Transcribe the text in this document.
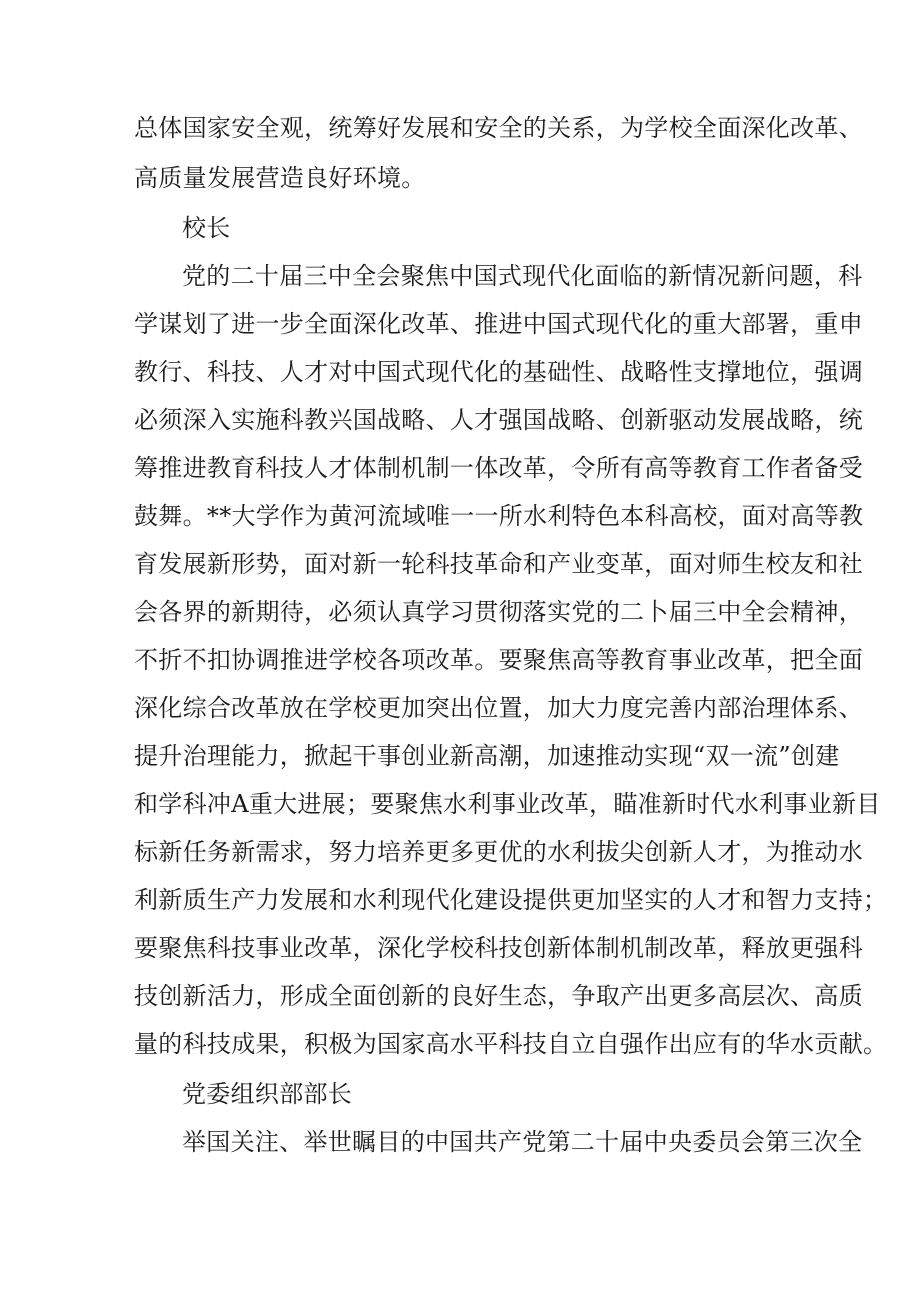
总体国家安全观，统筹好发展和安全的关系，为学校全面深化改革、
高质量发展营造良好环境。
校长
党的二十届三中全会聚焦中国式现代化面临的新情况新问题，科
学谋划了进一步全面深化改革、推进中国式现代化的重大部署，重申
教行、科技、人才对中国式现代化的基础性、战略性支撑地位，强调
必须深入实施科教兴国战略、人才强国战略、创新驱动发展战略，统
筹推进教育科技人才体制机制一体改革，令所有高等教育工作者备受
鼓舞。**大学作为黄河流域唯一一所水利特色本科高校，面对高等教
育发展新形势，面对新一轮科技革命和产业变革，面对师生校友和社
会各界的新期待，必须认真学习贯彻落实党的二卜届三中全会精神，
不折不扣协调推进学校各项改革。要聚焦高等教育事业改革，把全面
深化综合改革放在学校更加突出位置，加大力度完善内部治理体系、
提升治理能力，掀起干事创业新高潮，加速推动实现“双一流”创建
和学科冲A重大进展；要聚焦水利事业改革，瞄准新时代水利事业新目
标新任务新需求，努力培养更多更优的水利拔尖创新人才，为推动水
利新质生产力发展和水利现代化建设提供更加坚实的人才和智力支持；
要聚焦科技事业改革，深化学校科技创新体制机制改革，释放更强科
技创新活力，形成全面创新的良好生态，争取产出更多高层次、高质
量的科技成果，积极为国家高水平科技自立自强作出应有的华水贡献。
党委组织部部长
举国关注、举世瞩目的中国共产党第二十届中央委员会第三次全
